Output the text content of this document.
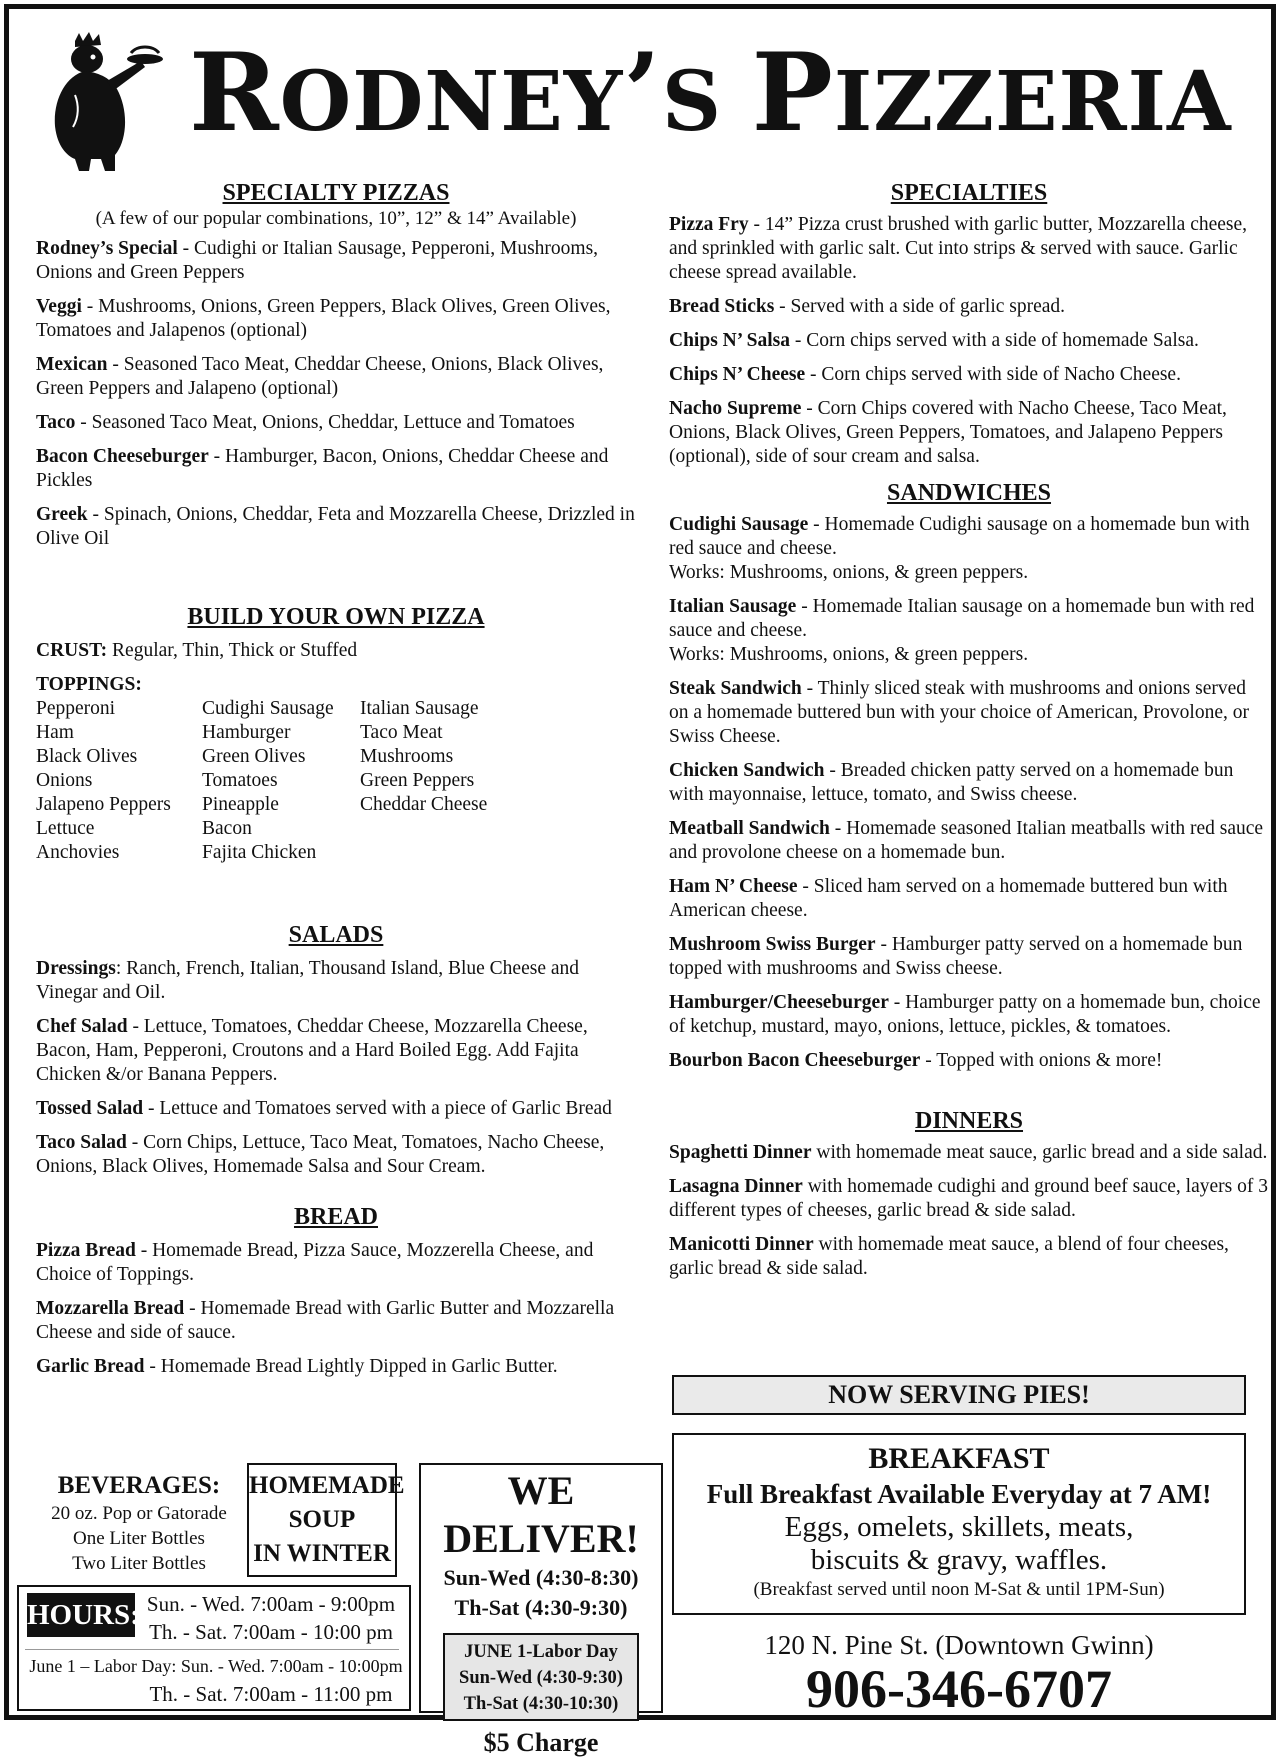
RODNEY’S PIZZERIA
SPECIALTY PIZZAS
(A few of our popular combinations, 10”, 12” & 14” Available)
Rodney’s Special - Cudighi or Italian Sausage, Pepperoni, Mushrooms, Onions and Green Peppers
Veggi - Mushrooms, Onions, Green Peppers, Black Olives, Green Olives, Tomatoes and Jalapenos (optional)
Mexican - Seasoned Taco Meat, Cheddar Cheese, Onions, Black Olives, Green Peppers and Jalapeno (optional)
Taco - Seasoned Taco Meat, Onions, Cheddar, Lettuce and Tomatoes
Bacon Cheeseburger - Hamburger, Bacon, Onions, Cheddar Cheese and Pickles
Greek - Spinach, Onions, Cheddar, Feta and Mozzarella Cheese, Drizzled in Olive Oil
BUILD YOUR OWN PIZZA
CRUST: Regular, Thin, Thick or Stuffed
TOPPINGS:
Pepperoni
Ham
Black Olives
Onions
Jalapeno Peppers
Lettuce
Anchovies
Cudighi Sausage
Hamburger
Green Olives
Tomatoes
Pineapple
Bacon
Fajita Chicken
Italian Sausage
Taco Meat
Mushrooms
Green Peppers
Cheddar Cheese
SALADS
Dressings: Ranch, French, Italian, Thousand Island, Blue Cheese and Vinegar and Oil.
Chef Salad - Lettuce, Tomatoes, Cheddar Cheese, Mozzarella Cheese, Bacon, Ham, Pepperoni, Croutons and a Hard Boiled Egg. Add Fajita Chicken &/or Banana Peppers.
Tossed Salad - Lettuce and Tomatoes served with a piece of Garlic Bread
Taco Salad - Corn Chips, Lettuce, Taco Meat, Tomatoes, Nacho Cheese, Onions, Black Olives, Homemade Salsa and Sour Cream.
BREAD
Pizza Bread - Homemade Bread, Pizza Sauce, Mozzerella Cheese, and Choice of Toppings.
Mozzarella Bread - Homemade Bread with Garlic Butter and Mozzarella Cheese and side of sauce.
Garlic Bread - Homemade Bread Lightly Dipped in Garlic Butter.
SPECIALTIES
Pizza Fry - 14” Pizza crust brushed with garlic butter, Mozzarella cheese, and sprinkled with garlic salt. Cut into strips & served with sauce. Garlic cheese spread available.
Bread Sticks - Served with a side of garlic spread.
Chips N’ Salsa - Corn chips served with a side of homemade Salsa.
Chips N’ Cheese - Corn chips served with side of Nacho Cheese.
Nacho Supreme - Corn Chips covered with Nacho Cheese, Taco Meat, Onions, Black Olives, Green Peppers, Tomatoes, and Jalapeno Peppers (optional), side of sour cream and salsa.
SANDWICHES
Cudighi Sausage - Homemade Cudighi sausage on a homemade bun with red sauce and cheese.
Works: Mushrooms, onions, & green peppers.
Italian Sausage - Homemade Italian sausage on a homemade bun with red sauce and cheese.
Works: Mushrooms, onions, & green peppers.
Steak Sandwich - Thinly sliced steak with mushrooms and onions served on a homemade buttered bun with your choice of American, Provolone, or Swiss Cheese.
Chicken Sandwich - Breaded chicken patty served on a homemade bun with mayonnaise, lettuce, tomato, and Swiss cheese.
Meatball Sandwich - Homemade seasoned Italian meatballs with red sauce and provolone cheese on a homemade bun.
Ham N’ Cheese - Sliced ham served on a homemade buttered bun with American cheese.
Mushroom Swiss Burger - Hamburger patty served on a homemade bun topped with mushrooms and Swiss cheese.
Hamburger/Cheeseburger - Hamburger patty on a homemade bun, choice of ketchup, mustard, mayo, onions, lettuce, pickles, & tomatoes.
Bourbon Bacon Cheeseburger - Topped with onions & more!
DINNERS
Spaghetti Dinner with homemade meat sauce, garlic bread and a side salad.
Lasagna Dinner with homemade cudighi and ground beef sauce, layers of 3 different types of cheeses, garlic bread & side salad.
Manicotti Dinner with homemade meat sauce, a blend of four cheeses, garlic bread & side salad.
NOW SERVING PIES!
BREAKFAST
Full Breakfast Available Everyday at 7 AM!
Eggs, omelets, skillets, meats,
biscuits & gravy, waffles.
(Breakfast served until noon M-Sat & until 1PM-Sun)
120 N. Pine St. (Downtown Gwinn)
906-346-6707
BEVERAGES:
20 oz. Pop or Gatorade
One Liter Bottles
Two Liter Bottles
HOMEMADE
SOUP
IN WINTER
HOURS: Sun. - Wed. 7:00am - 9:00pm
Th. - Sat. 7:00am - 10:00 pm
June 1 – Labor Day: Sun. - Wed. 7:00am - 10:00pm
Th. - Sat. 7:00am - 11:00 pm
WE DELIVER!
Sun-Wed (4:30-8:30)
Th-Sat (4:30-9:30)
JUNE 1-Labor Day
Sun-Wed (4:30-9:30)
Th-Sat (4:30-10:30)
$5 Charge
